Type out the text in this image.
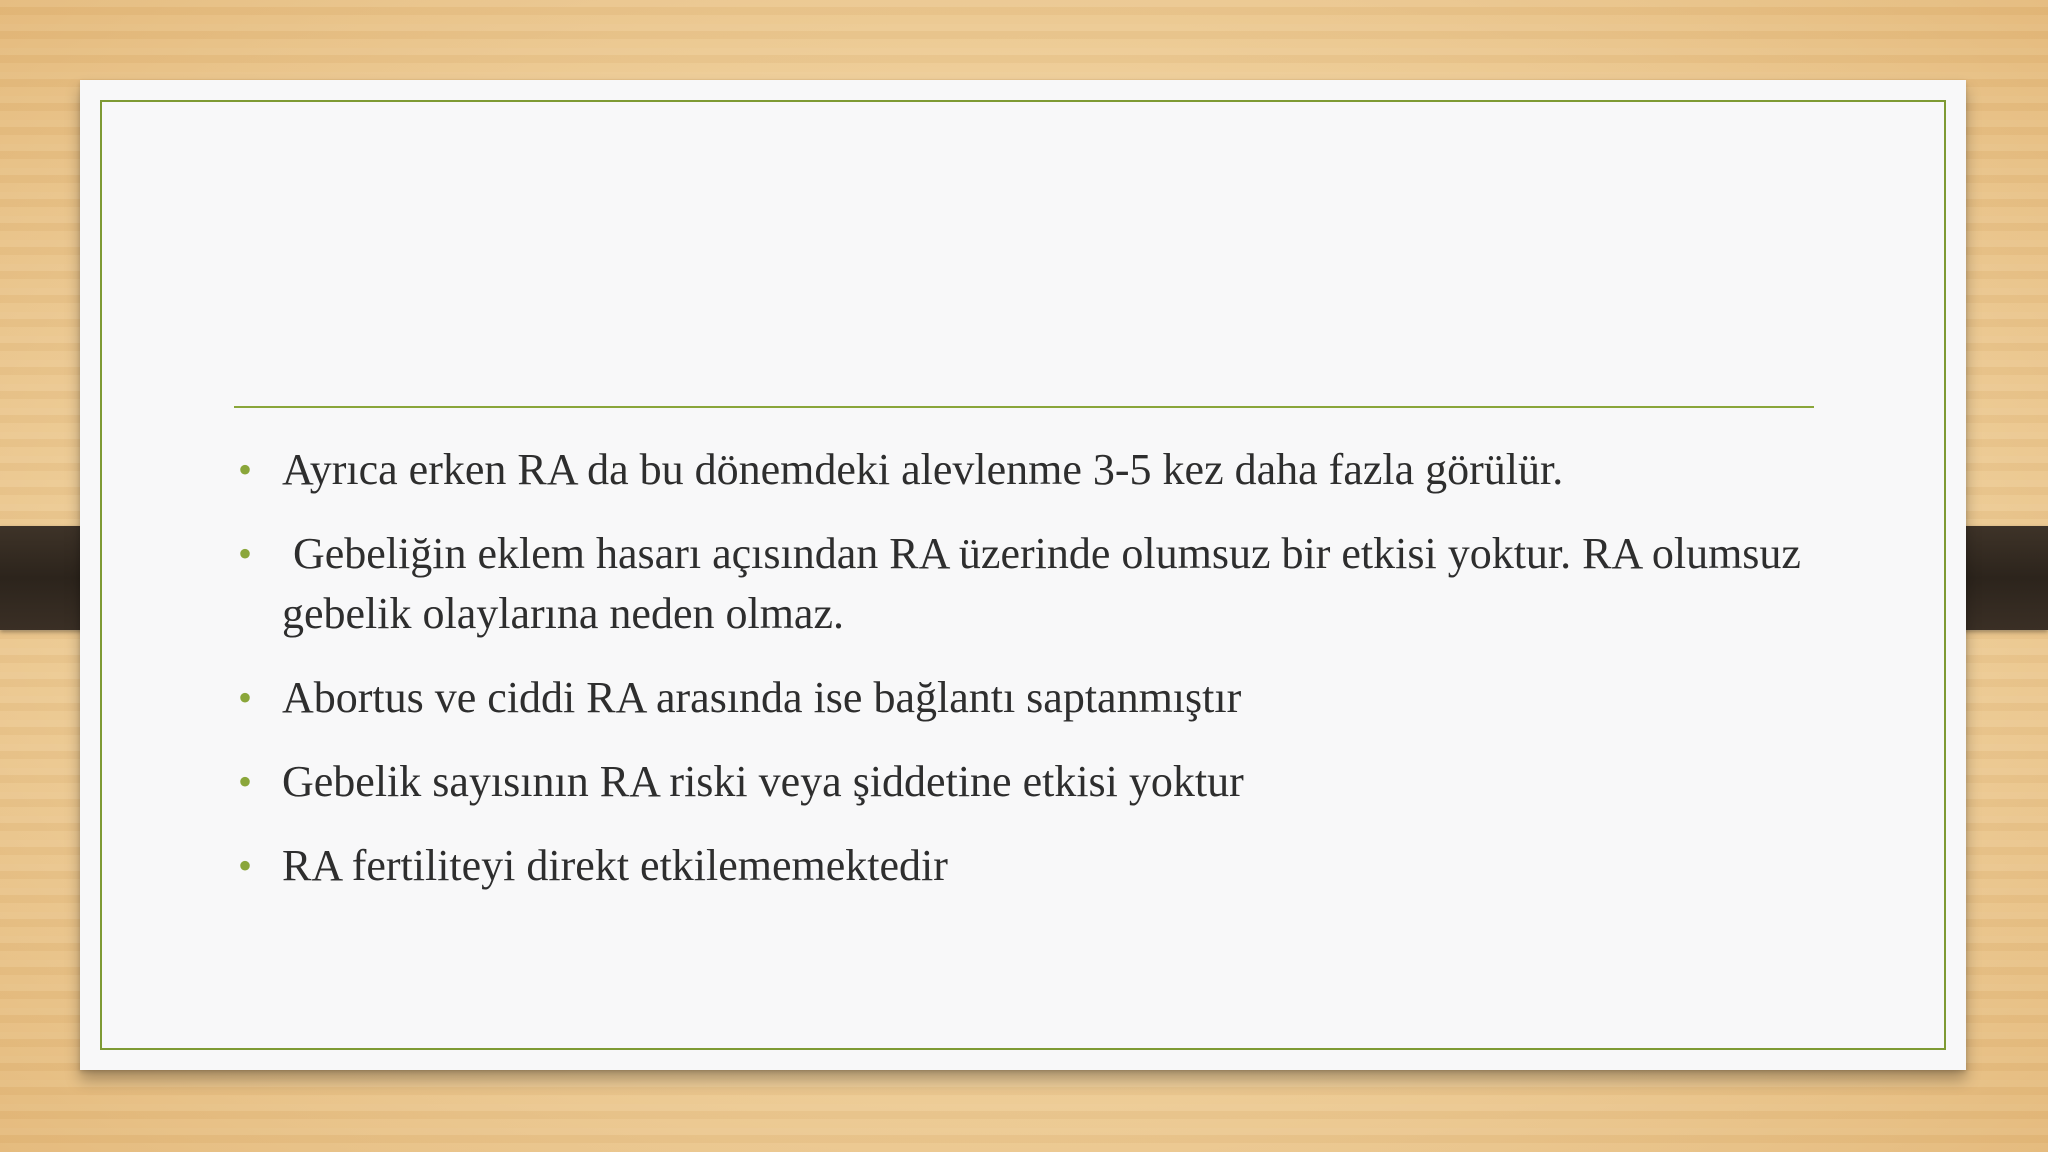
• Ayrıca erken RA da bu dönemdeki alevlenme 3-5 kez daha fazla görülür.
• Gebeliğin eklem hasarı açısından RA üzerinde olumsuz bir etkisi yoktur. RA olumsuz gebelik olaylarına neden olmaz.
• Abortus ve ciddi RA arasında ise bağlantı saptanmıştır
• Gebelik sayısının RA riski veya şiddetine etkisi yoktur
• RA fertiliteyi direkt etkilememektedir
